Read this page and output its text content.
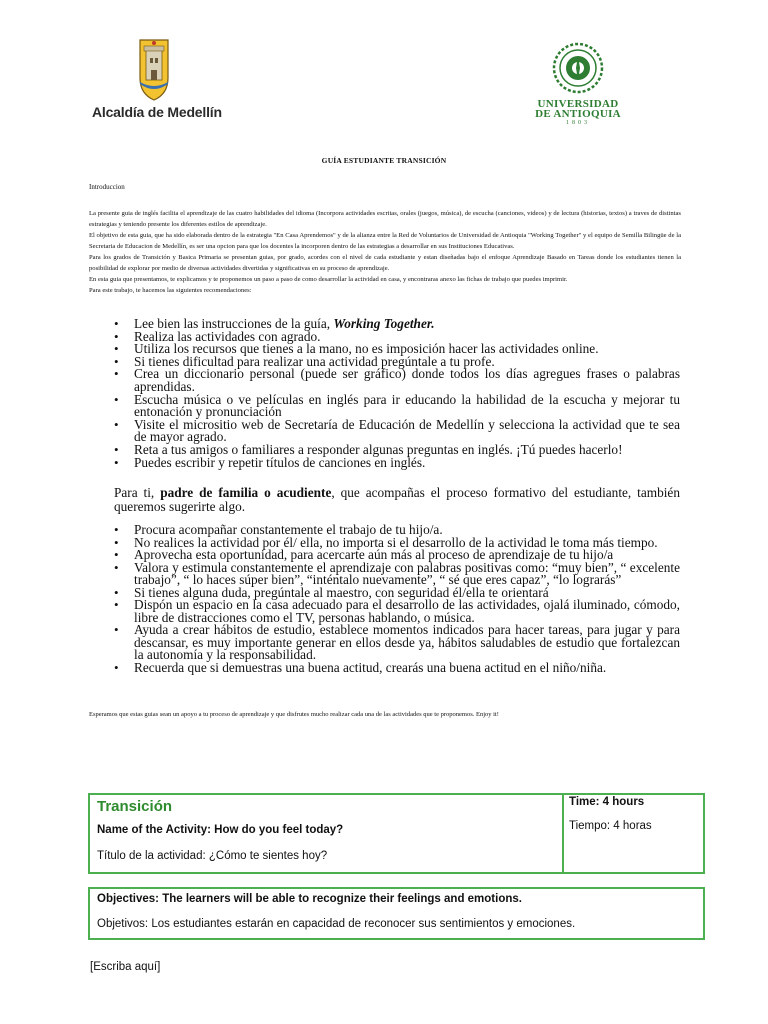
Alcaldía de Medellín	UNIVERSIDAD
DE ANTIOQUIA
1803
GUÍA ESTUDIANTE TRANSICIÓN
Introduccion

La presente guia de inglés facilita el aprendizaje de las cuatro habilidades del idioma (Incorpora actividades escritas, orales (juegos, música), de escucha (canciones, videos) y de lectura (historias, textos) a traves de distintas estrategias y teniendo presente los diferentes estilos de aprendizaje.

El objetivo de esta guia, que ha sido elaborada dentro de la estrategia "En Casa Aprendemos" y de la alianza entre la Red de Voluntarios de Universidad de Antioquia "Working Together" y el equipo de Semilla Bilingüe de la Secretaria de Educacion de Medellín, es ser una opcion para que los docentes la incorporen dentro de las estrategias a desarrollar en sus Instituciones Educativas.

Para los grados de Transición y Basica Primaria se presentan guias, por grado, acordes con el nivel de cada estudiante y estan diseñadas bajo el enfoque Aprendizaje Basado en Tareas donde los estudiantes tienen la posibilidad de explorar por medio de diversas actividades divertidas y significativas en su proceso de aprendizaje.

En esta guia que presentamos, te explicamos y te proponemos un paso a paso de como desarrollar la actividad en casa, y encontraras anexo las fichas de trabajo que puedes imprimir.

Para este trabajo, te hacemos las siguientes recomendaciones:

• Lee bien las instrucciones de la guía, Working Together.
• Realiza las actividades con agrado.
• Utiliza los recursos que tienes a la mano, no es imposición hacer las actividades online.
• Si tienes dificultad para realizar una actividad pregúntale a tu profe.
• Crea un diccionario personal (puede ser gráfico) donde todos los días agregues frases o palabras aprendidas.
• Escucha música o ve películas en inglés para ir educando la habilidad de la escucha y mejorar tu entonación y pronunciación
• Visite el micrositio web de Secretaría de Educación de Medellín y selecciona la actividad que te sea de mayor agrado.
• Reta a tus amigos o familiares a responder algunas preguntas en inglés. ¡Tú puedes hacerlo!
• Puedes escribir y repetir títulos de canciones en inglés.
Para ti, padre de familia o acudiente, que acompañas el proceso formativo del estudiante, también queremos sugerirte algo.
• Procura acompañar constantemente el trabajo de tu hijo/a.
• No realices la actividad por él/ ella, no importa si el desarrollo de la actividad le toma más tiempo.
• Aprovecha esta oportunidad, para acercarte aún más al proceso de aprendizaje de tu hijo/a
• Valora y estimula constantemente el aprendizaje con palabras positivas como: “muy bien”, “ excelente trabajo”, “ lo haces súper bien”, “inténtalo nuevamente”, “ sé que eres capaz”, “lo lograrás”
• Si tienes alguna duda, pregúntale al maestro, con seguridad él/ella te orientará
• Dispón un espacio en la casa adecuado para el desarrollo de las actividades, ojalá iluminado, cómodo, libre de distracciones como el TV, personas hablando, o música.
• Ayuda a crear hábitos de estudio, establece momentos indicados para hacer tareas, para jugar y para descansar, es muy importante generar en ellos desde ya, hábitos saludables de estudio que fortalezcan la autonomía y la responsabilidad.
• Recuerda que si demuestras una buena actitud, crearás una buena actitud en el niño/niña.
Esperamos que estas guias sean un apoyo a tu proceso de aprendizaje y que disfrutes mucho realizar cada una de las actividades que te proponemos. Enjoy it!
Transición
Name of the Activity: How do you feel today?
Título de la actividad: ¿Cómo te sientes hoy?
Time: 4 hours
Tiempo: 4 horas
Objectives: The learners will be able to recognize their feelings and emotions.
Objetivos: Los estudiantes estarán en capacidad de reconocer sus sentimientos y emociones.
[Escriba aquí]
